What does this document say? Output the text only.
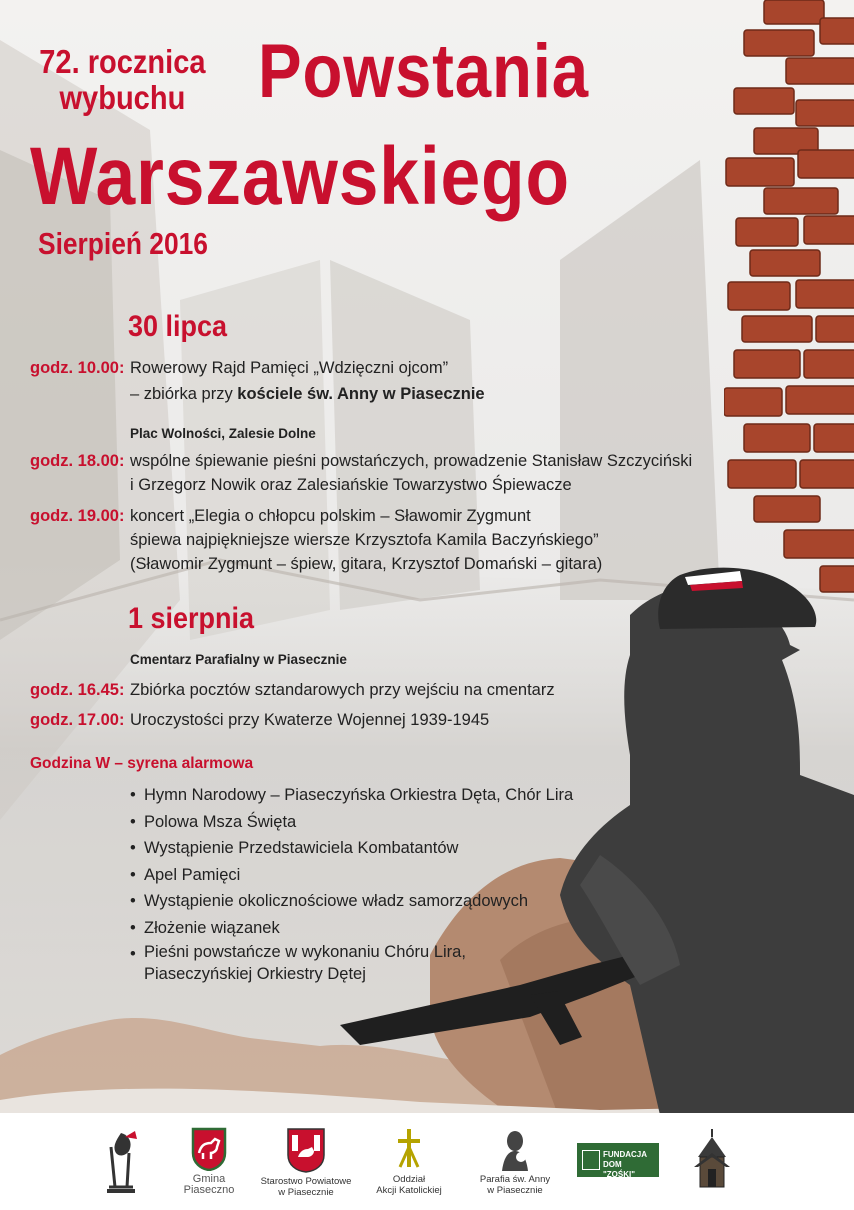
72. rocznica
wybuchu Powstania
Warszawskiego
Sierpień 2016
30 lipca
godz. 10.00: Rowerowy Rajd Pamięci „Wdzięczni ojcom”
– zbiórka przy kościele św. Anny w Piasecznie
Plac Wolności, Zalesie Dolne
godz. 18.00: wspólne śpiewanie pieśni powstańczych, prowadzenie Stanisław Szczyciński
i Grzegorz Nowik oraz Zalesiańskie Towarzystwo Śpiewacze
godz. 19.00: koncert „Elegia o chłopcu polskim – Sławomir Zygmunt
śpiewa najpiękniejsze wiersze Krzysztofa Kamila Baczyńskiego”
(Sławomir Zygmunt – śpiew, gitara, Krzysztof Domański – gitara)
1 sierpnia
Cmentarz Parafialny w Piasecznie
godz. 16.45: Zbiórka pocztów sztandarowych przy wejściu na cmentarz
godz. 17.00: Uroczystości przy Kwaterze Wojennej 1939-1945
Godzina W – syrena alarmowa
• Hymn Narodowy – Piaseczyńska Orkiestra Dęta, Chór Lira
• Polowa Msza Święta
• Wystąpienie Przedstawiciela Kombatantów
• Apel Pamięci
• Wystąpienie okolicznościowe władz samorządowych
• Złożenie wiązanek
• Pieśni powstańcze w wykonaniu Chóru Lira,
Piaseczyńskiej Orkiestry Dętej
Gmina
Piaseczno
Starostwo Powiatowe
w Piasecznie
Oddział
Akcji Katolickiej
Parafia św. Anny
w Piasecznie
FUNDACJA
DOM "ZOŚKI"
